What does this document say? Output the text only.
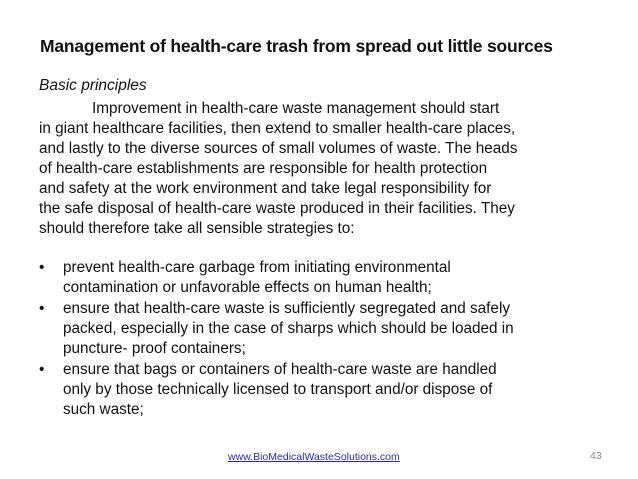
Management of health-care trash from spread out little sources
Basic principles
Improvement in health-care waste management should start
in giant healthcare facilities, then extend to smaller health-care places,
and lastly to the diverse sources of small volumes of waste. The heads
of health-care establishments are responsible for health protection
and safety at the work environment and take legal responsibility for
the safe disposal of health-care waste produced in their facilities. They
should therefore take all sensible strategies to:
•	prevent health-care garbage from initiating environmental
contamination or unfavorable effects on human health;
•	ensure that health-care waste is sufficiently segregated and safely
packed, especially in the case of sharps which should be loaded in
puncture- proof containers;
•	ensure that bags or containers of health-care waste are handled
only by those technically licensed to transport and/or dispose of
such waste;
www.BioMedicalWasteSolutions.com	43
